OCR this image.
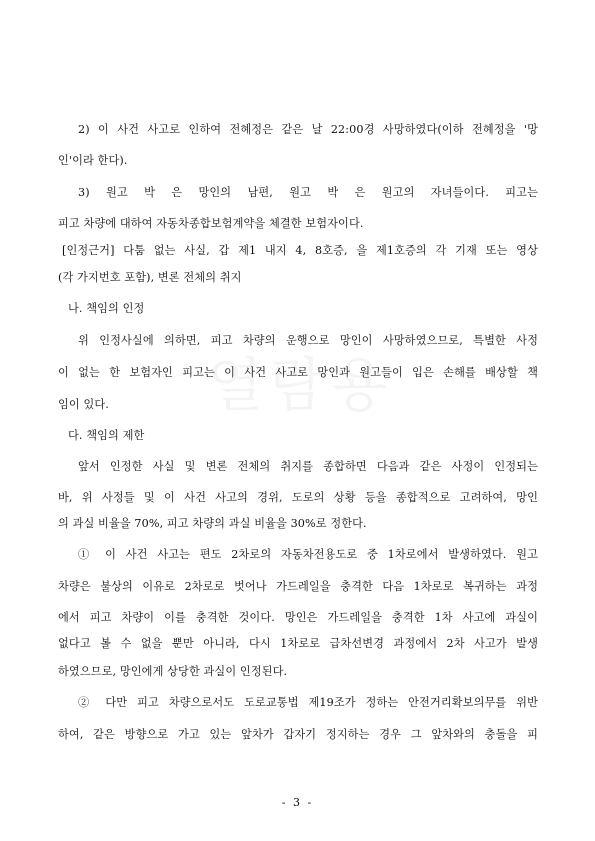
2) 이 사건 사고로 인하여 전혜정은 같은 날 22:00경 사망하였다(이하 전혜정을 '망
인'이라 한다).
3) 원고 박 은 망인의 남편, 원고 박 은 원고의 자녀들이다. 피고는
피고 차량에 대하여 자동차종합보험계약을 체결한 보험자이다.
[인정근거] 다툼 없는 사실, 갑 제1 내지 4, 8호증, 을 제1호증의 각 기재 또는 영상
(각 가지번호 포함), 변론 전체의 취지
나. 책임의 인정
위 인정사실에 의하면, 피고 차량의 운행으로 망인이 사망하였으므로, 특별한 사정
이 없는 한 보험자인 피고는 이 사건 사고로 망인과 원고들이 입은 손해를 배상할 책
임이 있다.
다. 책임의 제한
앞서 인정한 사실 및 변론 전체의 취지를 종합하면 다음과 같은 사정이 인정되는
바, 위 사정들 및 이 사건 사고의 경위, 도로의 상황 등을 종합적으로 고려하여, 망인
의 과실 비율을 70%, 피고 차량의 과실 비율을 30%로 정한다.
① 이 사건 사고는 편도 2차로의 자동차전용도로 중 1차로에서 발생하였다. 원고
차량은 불상의 이유로 2차로로 벗어나 가드레일을 충격한 다음 1차로로 복귀하는 과정
에서 피고 차량이 이를 충격한 것이다. 망인은 가드레일을 충격한 1차 사고에 과실이
없다고 볼 수 없을 뿐만 아니라, 다시 1차로로 급차선변경 과정에서 2차 사고가 발생
하였으므로, 망인에게 상당한 과실이 인정된다.
② 다만 피고 차량으로서도 도로교통법 제19조가 정하는 안전거리확보의무를 위반
하여, 같은 방향으로 가고 있는 앞차가 갑자기 정지하는 경우 그 앞차와의 충돌을 피
- 3 -
